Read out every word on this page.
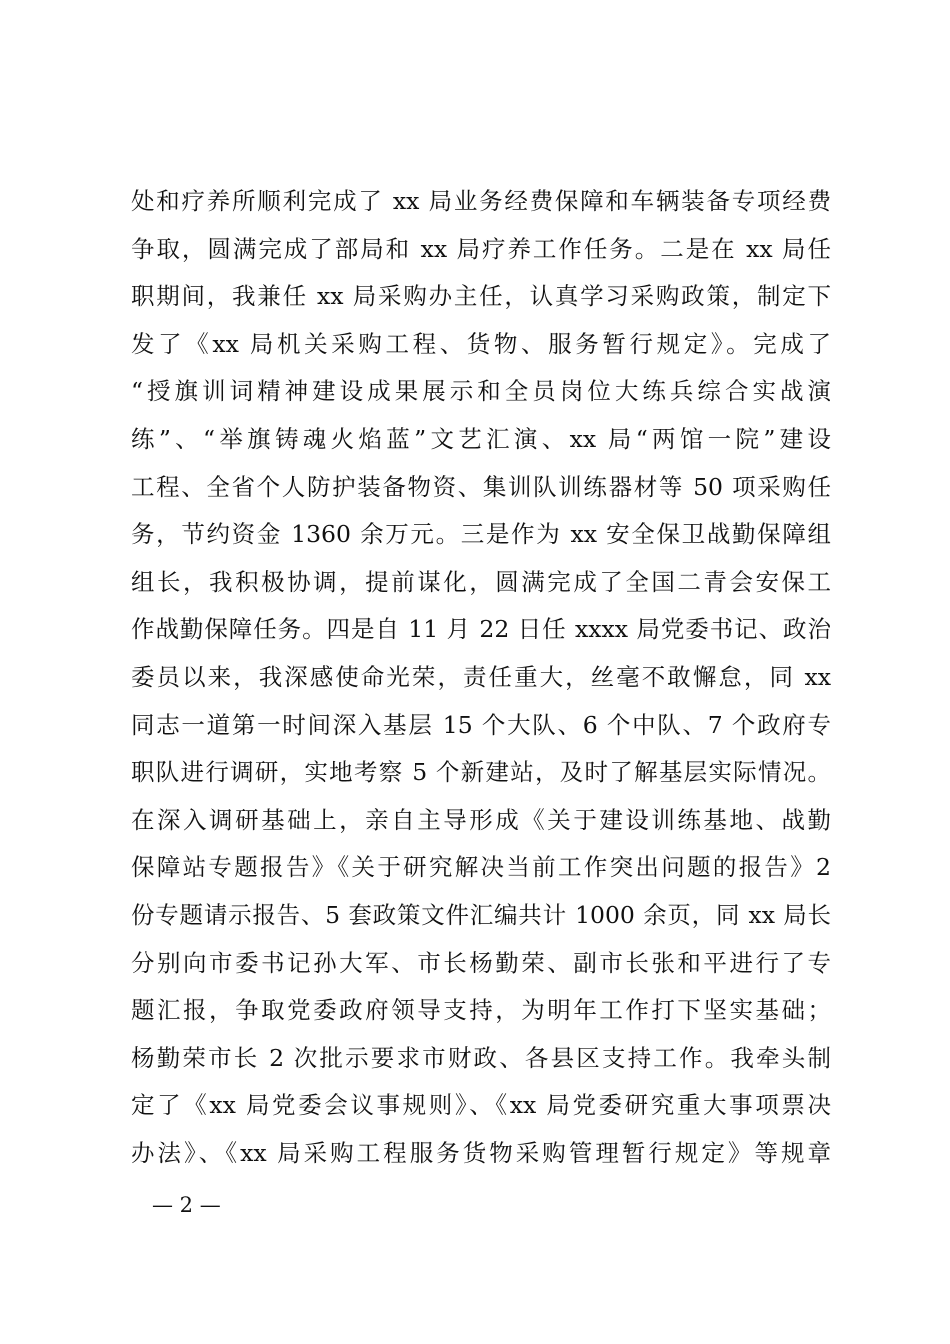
处和疗养所顺利完成了 xx 局业务经费保障和车辆装备专项经费
争取，圆满完成了部局和 xx 局疗养工作任务。二是在 xx 局任
职期间，我兼任 xx 局采购办主任，认真学习采购政策，制定下
发了《xx 局机关采购工程、货物、服务暂行规定》。完成了
“授旗训词精神建设成果展示和全员岗位大练兵综合实战演
练”、“举旗铸魂火焰蓝”文艺汇演、xx 局“两馆一院”建设
工程、全省个人防护装备物资、集训队训练器材等 50 项采购任
务，节约资金 1360 余万元。三是作为 xx 安全保卫战勤保障组
组长，我积极协调，提前谋化，圆满完成了全国二青会安保工
作战勤保障任务。四是自 11 月 22 日任 xxxx 局党委书记、政治
委员以来，我深感使命光荣，责任重大，丝毫不敢懈怠，同 xx
同志一道第一时间深入基层 15 个大队、6 个中队、7 个政府专
职队进行调研，实地考察 5 个新建站，及时了解基层实际情况。
在深入调研基础上，亲自主导形成《关于建设训练基地、战勤
保障站专题报告》《关于研究解决当前工作突出问题的报告》2
份专题请示报告、5 套政策文件汇编共计 1000 余页，同 xx 局长
分别向市委书记孙大军、市长杨勤荣、副市长张和平进行了专
题汇报，争取党委政府领导支持，为明年工作打下坚实基础；
杨勤荣市长 2 次批示要求市财政、各县区支持工作。我牵头制
定了《xx 局党委会议事规则》、《xx 局党委研究重大事项票决
办法》、《xx 局采购工程服务货物采购管理暂行规定》等规章
— 2 —
